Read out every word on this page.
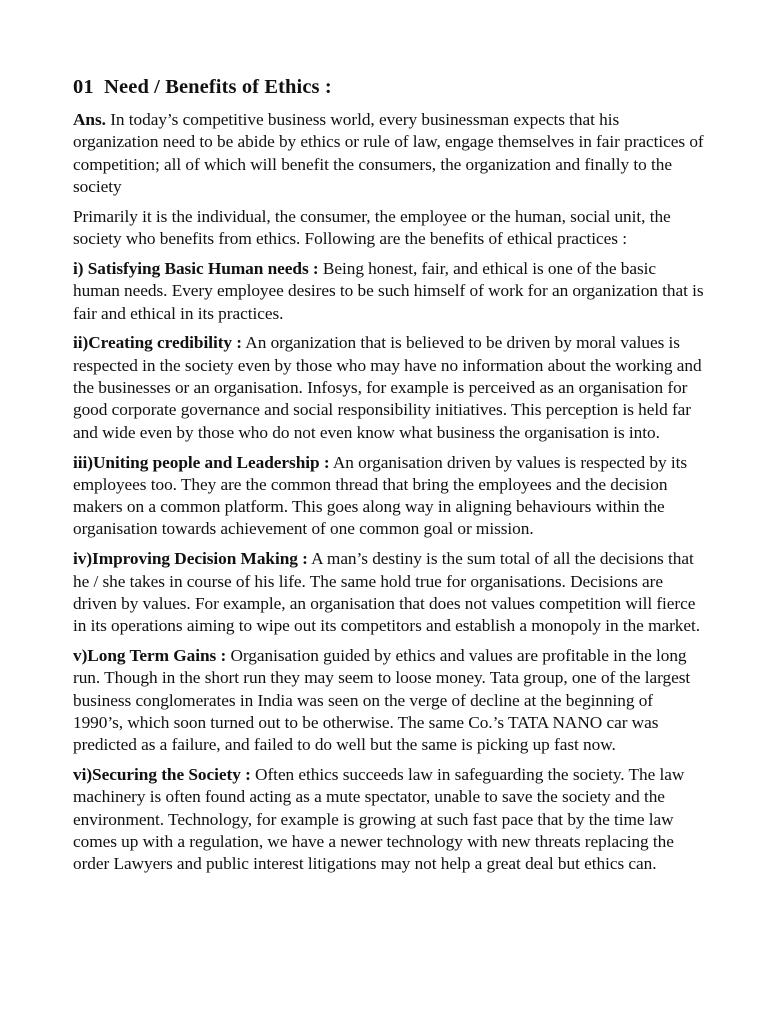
01  Need / Benefits of Ethics :

Ans. In today’s competitive business world, every businessman expects that his organization need to be abide by ethics or rule of law, engage themselves in fair practices of competition; all of which will benefit the consumers, the organization and finally to the society

Primarily it is the individual, the consumer, the employee or the human, social unit, the society who benefits from ethics. Following are the benefits of ethical practices :

i) Satisfying Basic Human needs : Being honest, fair, and ethical is one of the basic human needs. Every employee desires to be such himself of work for an organization that is fair and ethical in its practices.

ii)Creating credibility : An organization that is believed to be driven by moral values is respected in the society even by those who may have no information about the working and the businesses or an organisation. Infosys, for example is perceived as an organisation for good corporate governance and social responsibility initiatives. This perception is held far and wide even by those who do not even know what business the organisation is into.

iii)Uniting people and Leadership : An organisation driven by values is respected by its employees too. They are the common thread that bring the employees and the decision makers on a common platform. This goes along way in aligning behaviours within the organisation towards achievement of one common goal or mission.

iv)Improving Decision Making : A man’s destiny is the sum total of all the decisions that he / she takes in course of his life. The same hold true for organisations. Decisions are driven by values. For example, an organisation that does not values competition will fierce in its operations aiming to wipe out its competitors and establish a monopoly in the market.

v)Long Term Gains : Organisation guided by ethics and values are profitable in the long run. Though in the short run they may seem to loose money. Tata group, one of the largest business conglomerates in India was seen on the verge of decline at the beginning of 1990’s, which soon turned out to be otherwise. The same Co.’s TATA NANO car was predicted as a failure, and failed to do well but the same is picking up fast now.

vi)Securing the Society : Often ethics succeeds law in safeguarding the society. The law machinery is often found acting as a mute spectator, unable to save the society and the environment. Technology, for example is growing at such fast pace that by the time law comes up with a regulation, we have a newer technology with new threats replacing the order Lawyers and public interest litigations may not help a great deal but ethics can.
